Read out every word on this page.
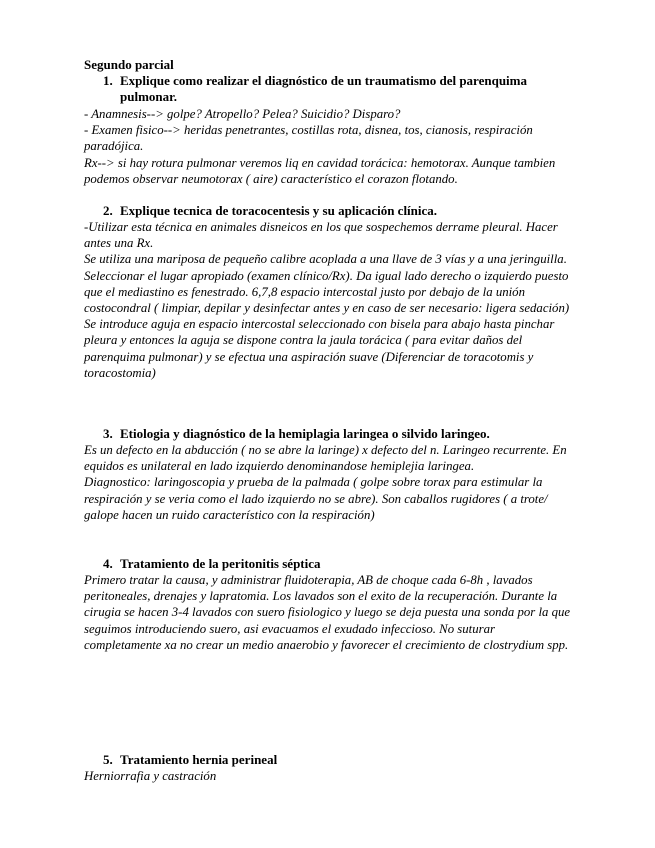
Segundo parcial
1. Explique como realizar el diagnóstico de un traumatismo del parenquima pulmonar.
- Anamnesis--> golpe? Atropello? Pelea? Suicidio? Disparo?
- Examen fisico--> heridas penetrantes, costillas rota, disnea, tos, cianosis, respiración paradójica.
Rx--> si hay rotura pulmonar veremos liq en cavidad torácica: hemotorax. Aunque tambien podemos observar neumotorax ( aire) característico el corazon flotando.
2. Explique tecnica de toracocentesis y su aplicación clínica.
-Utilizar esta técnica en animales disneicos en los que sospechemos derrame pleural. Hacer antes una Rx.
Se utiliza una mariposa de pequeño calibre acoplada a una llave de 3 vías y a una jeringuilla.
Seleccionar el lugar apropiado (examen clínico/Rx). Da igual lado derecho o izquierdo puesto que el mediastino es fenestrado. 6,7,8 espacio intercostal justo por debajo de la unión costocondral ( limpiar, depilar y desinfectar antes y en caso de ser necesario: ligera sedación)
Se introduce aguja en espacio intercostal seleccionado con bisela para abajo hasta pinchar pleura y entonces la aguja se dispone contra la jaula torácica ( para evitar daños del parenquima pulmonar) y se efectua una aspiración suave (Diferenciar de toracotomis y toracostomia)
3. Etiologia y diagnóstico de la hemiplagia laringea o silvido laringeo.
Es un defecto en la abducción ( no se abre la laringe) x defecto del n. Laringeo recurrente. En equidos es unilateral en lado izquierdo denominandose hemiplejia laringea.
Diagnostico: laringoscopia y prueba de la palmada ( golpe sobre torax para estimular la respiración y se veria como el lado izquierdo no se abre). Son caballos rugidores ( a trote/ galope hacen un ruido característico con la respiración)
4. Tratamiento de la peritonitis séptica
Primero tratar la causa, y administrar fluidoterapia, AB de choque cada 6-8h , lavados peritoneales, drenajes y lapratomia. Los lavados son el exito de la recuperación. Durante la cirugia se hacen 3-4 lavados con suero fisiologico y luego se deja puesta una sonda por la que seguimos introduciendo suero, asi evacuamos el exudado infeccioso. No suturar completamente xa no crear un medio anaerobio y favorecer el crecimiento de clostrydium spp.
5. Tratamiento hernia perineal
Herniorrafia y castración
